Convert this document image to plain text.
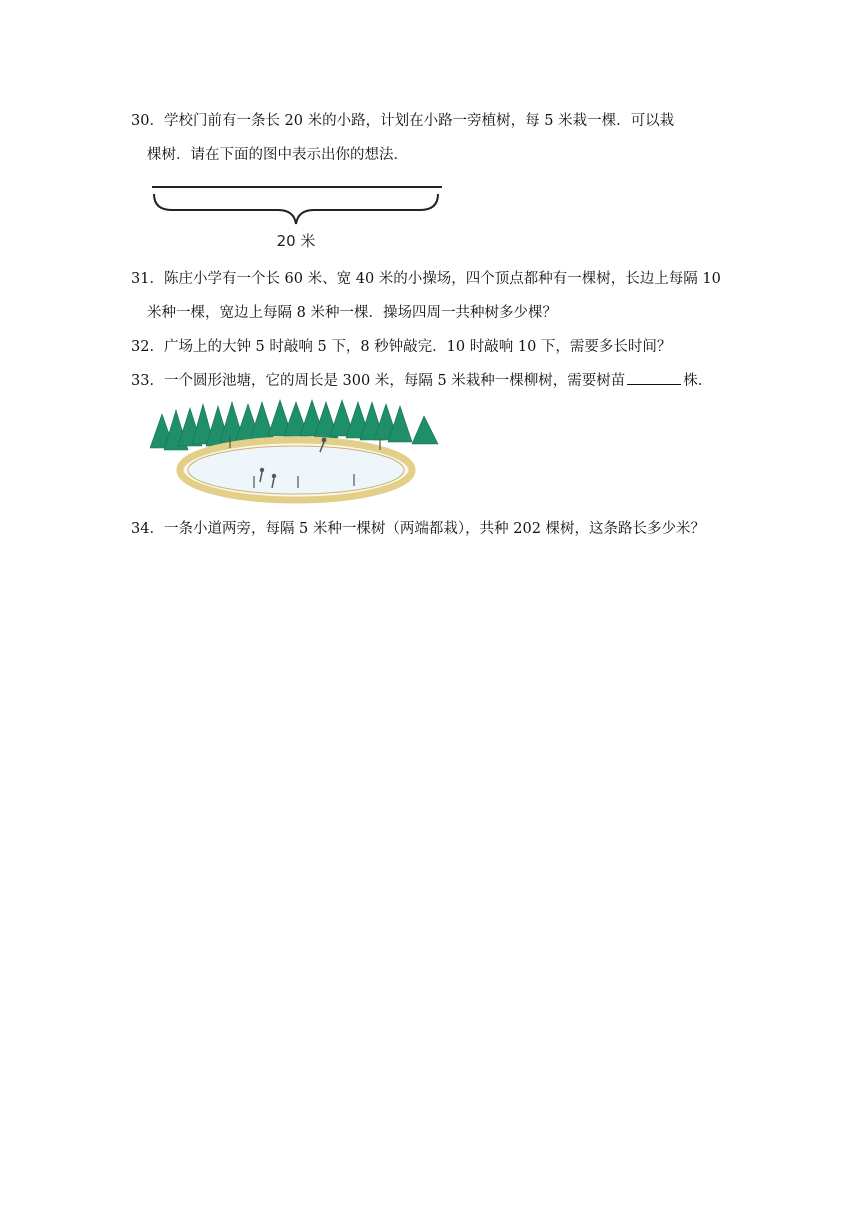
30．学校门前有一条长 20 米的小路，计划在小路一旁植树，每 5 米栽一棵．可以栽
棵树．请在下面的图中表示出你的想法．
20 米
31．陈庄小学有一个长 60 米、宽 40 米的小操场，四个顶点都种有一棵树，长边上每隔 10
米种一棵，宽边上每隔 8 米种一棵．操场四周一共种树多少棵？
32．广场上的大钟 5 时敲响 5 下，8 秒钟敲完．10 时敲响 10 下，需要多长时间？
33．一个圆形池塘，它的周长是 300 米，每隔 5 米栽种一棵柳树，需要树苗	株．
34．一条小道两旁，每隔 5 米种一棵树（两端都栽），共种 202 棵树，这条路长多少米？
